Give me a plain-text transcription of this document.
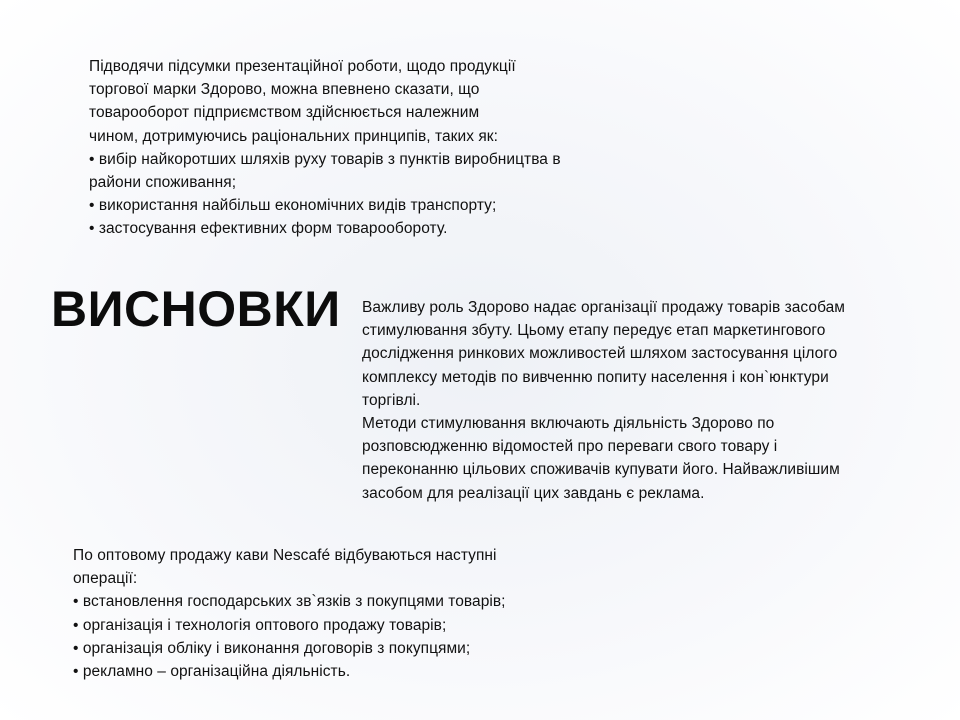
Підводячи підсумки презентаційної роботи, щодо продукції

торгової марки Здорово, можна впевнено сказати, що

товарооборот підприємством здійснюється належним

чином, дотримуючись раціональних принципів, таких як:

• вибір найкоротших шляхів руху товарів з пунктів виробництва в райони споживання;

• використання найбільш економічних видів транспорту;

• застосування ефективних форм товарообороту.

ВИСНОВКИ Важливу роль Здорово надає організації продажу товарів засобам

стимулювання збуту. Цьому етапу передує етап маркетингового

дослідження ринкових можливостей шляхом застосування цілого

комплексу методів по вивченню попиту населення і кон`юнктури

торгівлі.

Методи стимулювання включають діяльність Здорово по

розповсюдженню відомостей про переваги свого товару і

переконанню цільових споживачів купувати його. Найважливішим

засобом для реалізації цих завдань є реклама.

По оптовому продажу кави Nescafé відбуваються наступні

операції:

• встановлення господарських зв`язків з покупцями товарів;

• організація і технологія оптового продажу товарів;

• організація обліку і виконання договорів з покупцями;

• рекламно – організаційна діяльність.
